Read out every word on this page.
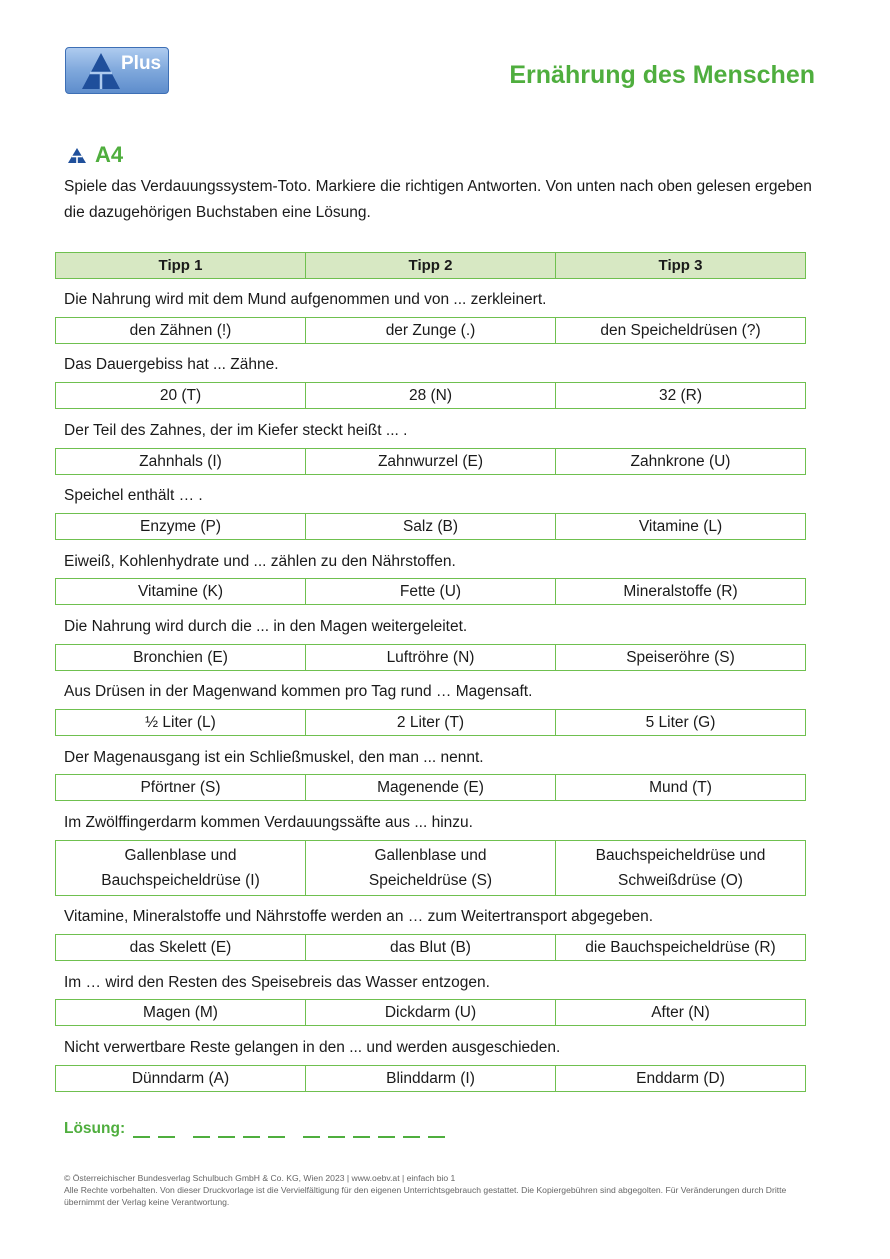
Plus	Ernährung des Menschen
A4

Spiele das Verdauungssystem-Toto. Markiere die richtigen Antworten. Von unten nach oben gelesen ergeben die dazugehörigen Buchstaben eine Lösung.

Tipp 1	Tipp 2	Tipp 3
Die Nahrung wird mit dem Mund aufgenommen und von ... zerkleinert.
den Zähnen (!)	der Zunge (.)	den Speicheldrüsen (?)
Das Dauergebiss hat ... Zähne.
20 (T)	28 (N)	32 (R)
Der Teil des Zahnes, der im Kiefer steckt heißt ... .
Zahnhals (I)	Zahnwurzel (E)	Zahnkrone (U)
Speichel enthält … .
Enzyme (P)	Salz (B)	Vitamine (L)
Eiweiß, Kohlenhydrate und ... zählen zu den Nährstoffen.
Vitamine (K)	Fette (U)	Mineralstoffe (R)
Die Nahrung wird durch die ... in den Magen weitergeleitet.
Bronchien (E)	Luftröhre (N)	Speiseröhre (S)
Aus Drüsen in der Magenwand kommen pro Tag rund … Magensaft.
½ Liter (L)	2 Liter (T)	5 Liter (G)
Der Magenausgang ist ein Schließmuskel, den man ... nennt.
Pförtner (S)	Magenende (E)	Mund (T)
Im Zwölffingerdarm kommen Verdauungssäfte aus ... hinzu.
Gallenblase und Bauchspeicheldrüse (I)	Gallenblase und Speicheldrüse (S)	Bauchspeicheldrüse und Schweißdrüse (O)
Vitamine, Mineralstoffe und Nährstoffe werden an … zum Weitertransport abgegeben.
das Skelett (E)	das Blut (B)	die Bauchspeicheldrüse (R)
Im … wird den Resten des Speisebreis das Wasser entzogen.
Magen (M)	Dickdarm (U)	After (N)
Nicht verwertbare Reste gelangen in den ... und werden ausgeschieden.
Dünndarm (A)	Blinddarm (I)	Enddarm (D)
Lösung:

© Österreichischer Bundesverlag Schulbuch GmbH & Co. KG, Wien 2023 | www.oebv.at | einfach bio 1

Alle Rechte vorbehalten. Von dieser Druckvorlage ist die Vervielfältigung für den eigenen Unterrichtsgebrauch gestattet. Die Kopiergebühren sind abgegolten. Für Veränderungen durch Dritte übernimmt der Verlag keine Verantwortung.
